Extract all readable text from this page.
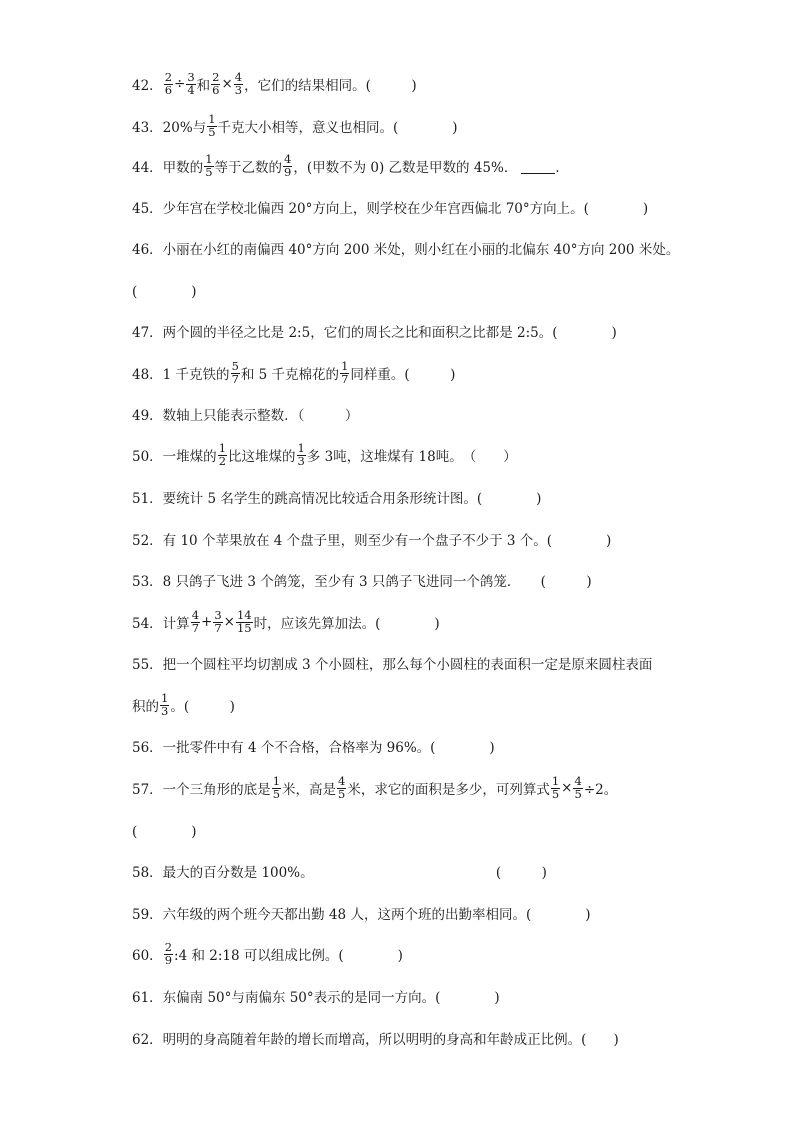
42． $\frac{2}{6} \div \frac{3}{4}$ 和 $\frac{2}{6} \times \frac{4}{3}$ ，它们的结果相同。(　　　)
43．20%与 $\frac{1}{5}$ 千克大小相等，意义也相同。(　　　　)
44．甲数的 $\frac{1}{5}$ 等于乙数的 $\frac{4}{9}$ ，(甲数不为 0) 乙数是甲数的 45%．	．
45．少年宫在学校北偏西 20°方向上，则学校在少年宫西偏北 70°方向上。(　　　　)
46．小丽在小红的南偏西 40°方向 200 米处，则小红在小丽的北偏东 40°方向 200 米处。
(　　　　)
47．两个圆的半径之比是 2:5，它们的周长之比和面积之比都是 2:5。(　　　　)
48．1 千克铁的 $\frac{5}{7}$ 和 5 千克棉花的 $\frac{1}{7}$ 同样重。(　　　)
49．数轴上只能表示整数．（　　　）
50．一堆煤的 $\frac{1}{2}$ 比这堆煤的 $\frac{1}{3}$ 多 3吨，这堆煤有 18吨。　（　　）
51．要统计 5 名学生的跳高情况比较适合用条形统计图。(　　　　)
52．有 10 个苹果放在 4 个盘子里，则至少有一个盘子不少于 3 个。(　　　　)
53．8 只鸽子飞进 3 个鸽笼，至少有 3 只鸽子飞进同一个鸽笼．　　(　　　)
54．计算 $\frac{4}{7} + \frac{3}{7} \times \frac{14}{15}$ 时，应该先算加法。(　　　　)
55．把一个圆柱平均切割成 3 个小圆柱，那么每个小圆柱的表面积一定是原来圆柱表面
积的 $\frac{1}{3}$ 。(　　　)
56．一批零件中有 4 个不合格，合格率为 96%。(　　　　)
57．一个三角形的底是 $\frac{1}{5}$ 米，高是 $\frac{4}{5}$ 米，求它的面积是多少，可列算式 $\frac{1}{5} \times \frac{4}{5} \div 2$。
(　　　　)
58．最大的百分数是 100%。　　　　　　　　　　　　　　(　　　)
59．六年级的两个班今天都出勤 48 人，这两个班的出勤率相同。(　　　　)
60． $\frac{2}{9}$ :4 和 2:18 可以组成比例。(　　　　)
61．东偏南 50°与南偏东 50°表示的是同一方向。(　　　　)
62．明明的身高随着年龄的增长而增高，所以明明的身高和年龄成正比例。(　　)
